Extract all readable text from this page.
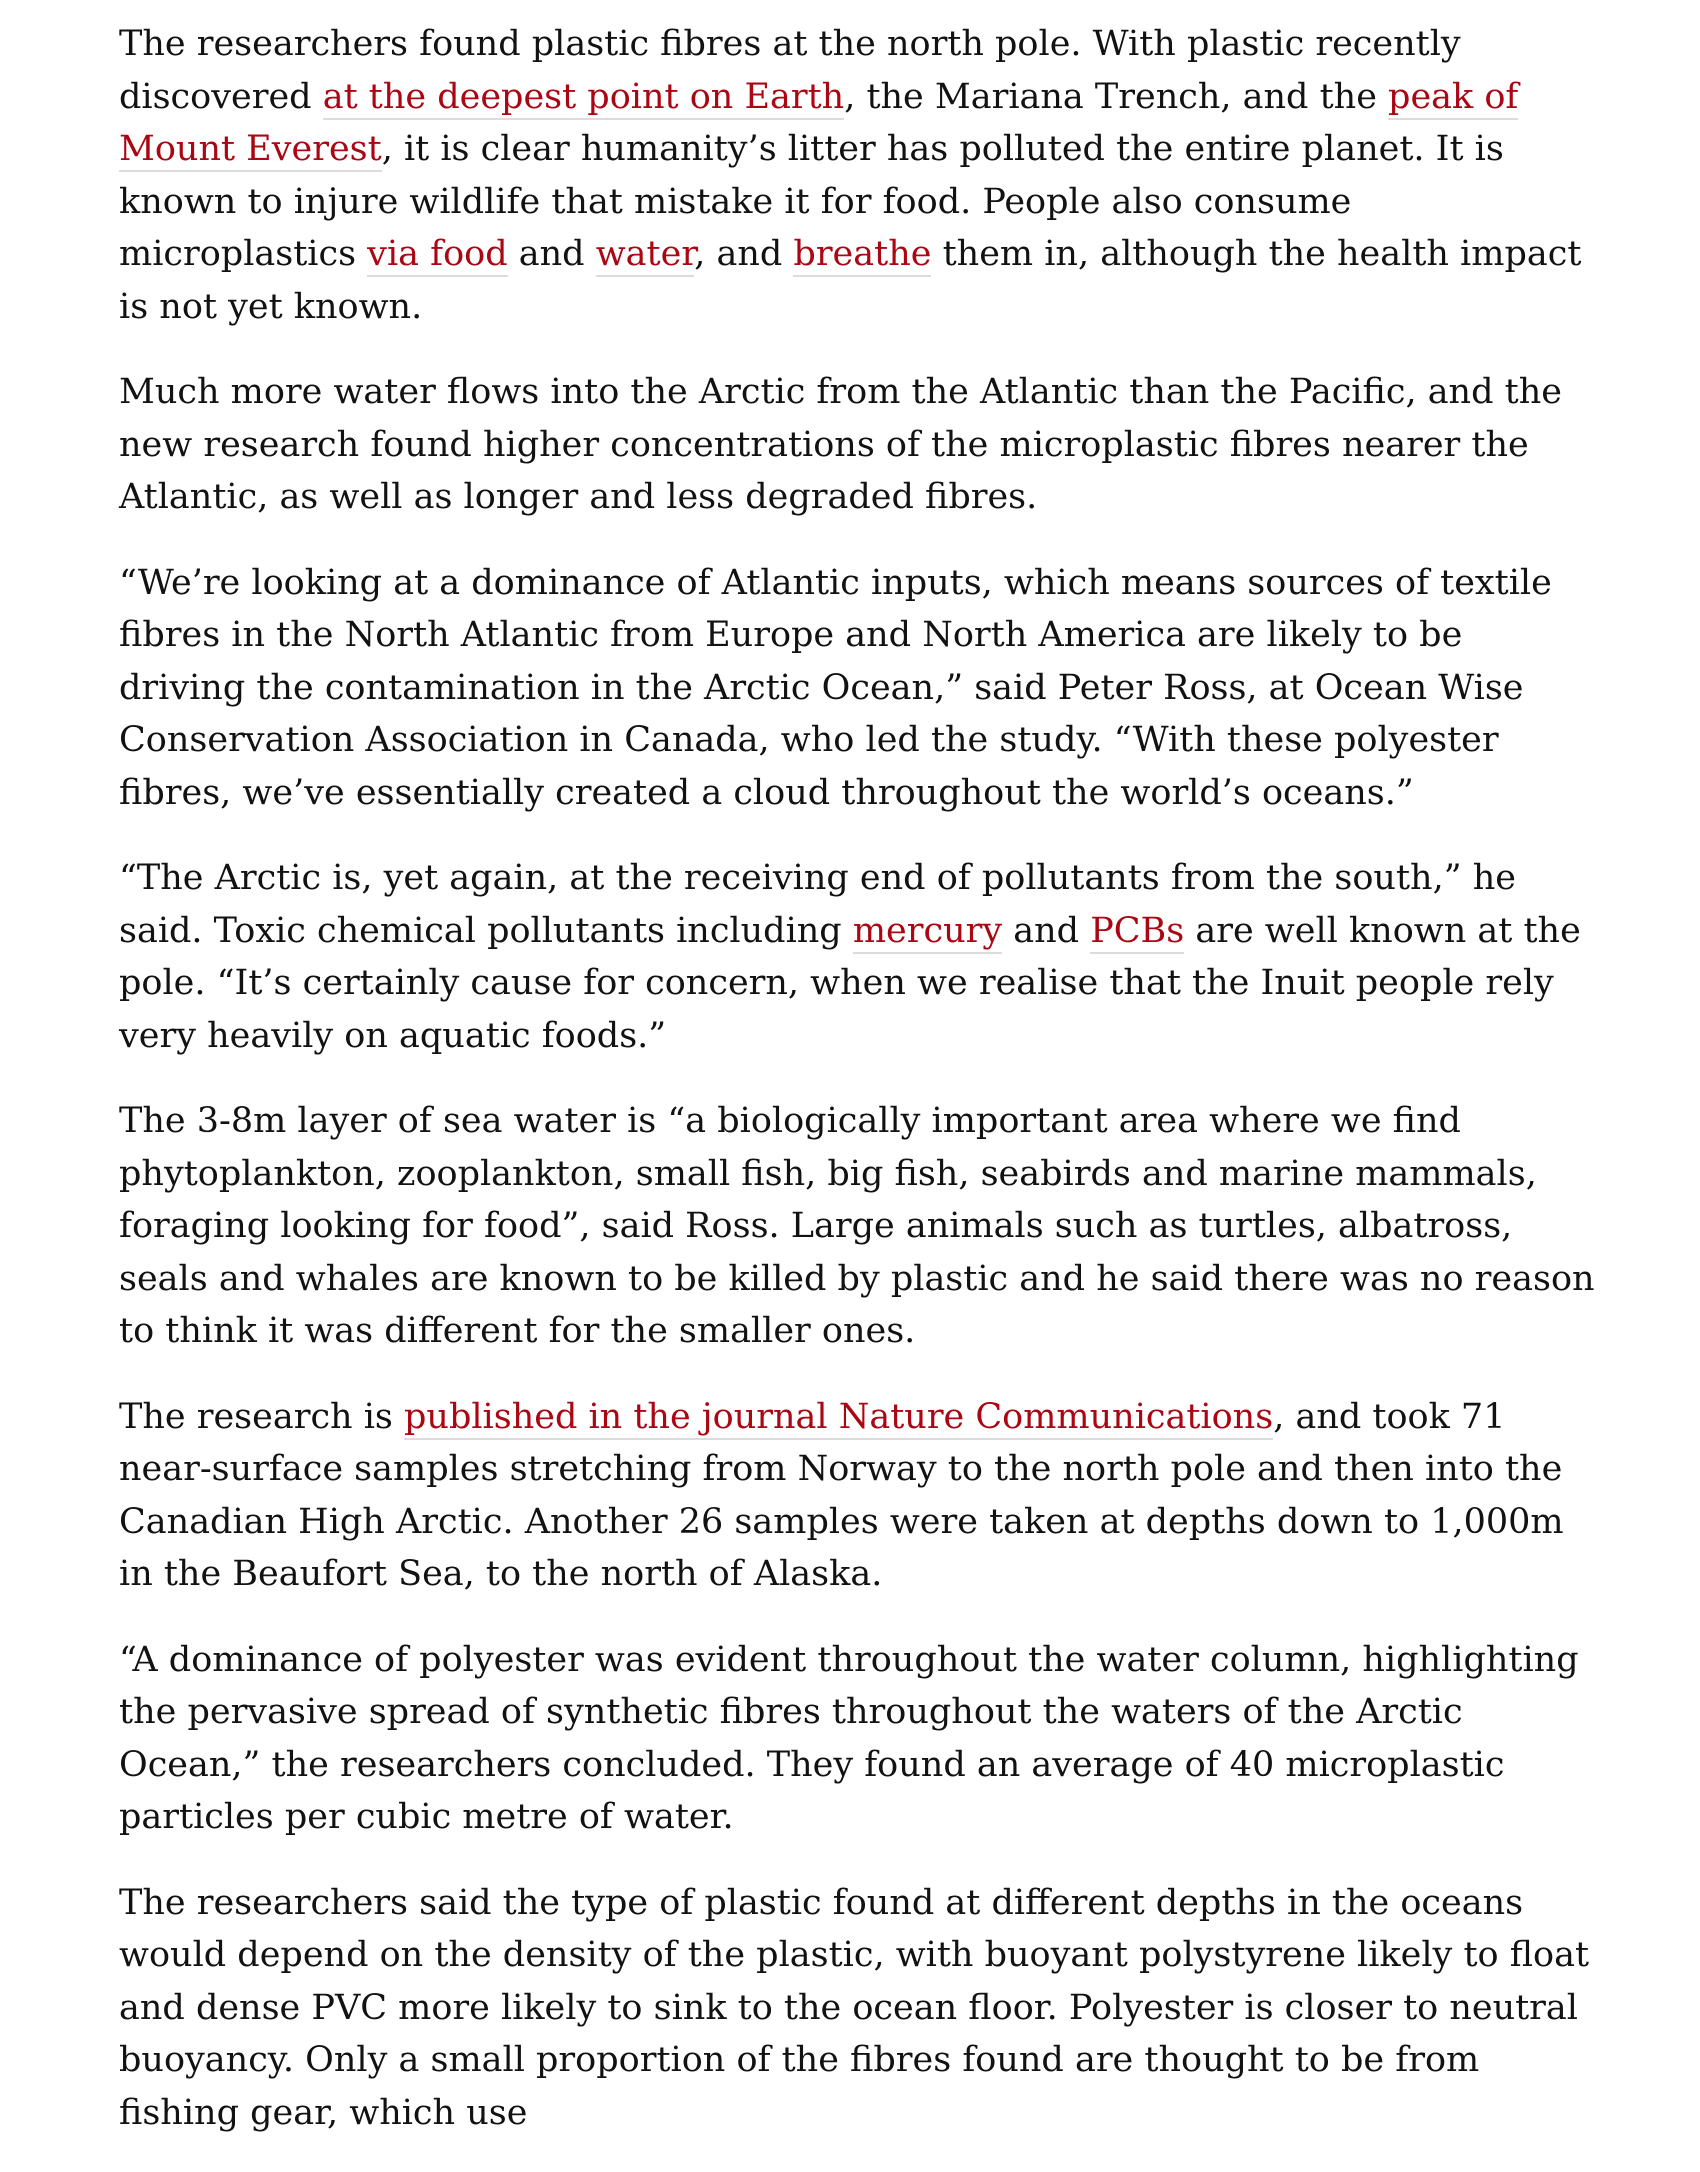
The researchers found plastic fibres at the north pole. With plastic recently discovered at the deepest point on Earth, the Mariana Trench, and the peak of Mount Everest, it is clear humanity’s litter has polluted the entire planet. It is known to injure wildlife that mistake it for food. People also consume microplastics via food and water, and breathe them in, although the health impact is not yet known.

Much more water flows into the Arctic from the Atlantic than the Pacific, and the new research found higher concentrations of the microplastic fibres nearer the Atlantic, as well as longer and less degraded fibres.

“We’re looking at a dominance of Atlantic inputs, which means sources of textile fibres in the North Atlantic from Europe and North America are likely to be driving the contamination in the Arctic Ocean,” said Peter Ross, at Ocean Wise Conservation Association in Canada, who led the study. “With these polyester fibres, we’ve essentially created a cloud throughout the world’s oceans.”

“The Arctic is, yet again, at the receiving end of pollutants from the south,” he said. Toxic chemical pollutants including mercury and PCBs are well known at the pole. “It’s certainly cause for concern, when we realise that the Inuit people rely very heavily on aquatic foods.”

The 3-8m layer of sea water is “a biologically important area where we find phytoplankton, zooplankton, small fish, big fish, seabirds and marine mammals, foraging looking for food”, said Ross. Large animals such as turtles, albatross, seals and whales are known to be killed by plastic and he said there was no reason to think it was different for the smaller ones.

The research is published in the journal Nature Communications, and took 71 near-surface samples stretching from Norway to the north pole and then into the Canadian High Arctic. Another 26 samples were taken at depths down to 1,000m in the Beaufort Sea, to the north of Alaska.

“A dominance of polyester was evident throughout the water column, highlighting the pervasive spread of synthetic fibres throughout the waters of the Arctic Ocean,” the researchers concluded. They found an average of 40 microplastic particles per cubic metre of water.

The researchers said the type of plastic found at different depths in the oceans would depend on the density of the plastic, with buoyant polystyrene likely to float and dense PVC more likely to sink to the ocean floor. Polyester is closer to neutral buoyancy. Only a small proportion of the fibres found are thought to be from fishing gear, which use
